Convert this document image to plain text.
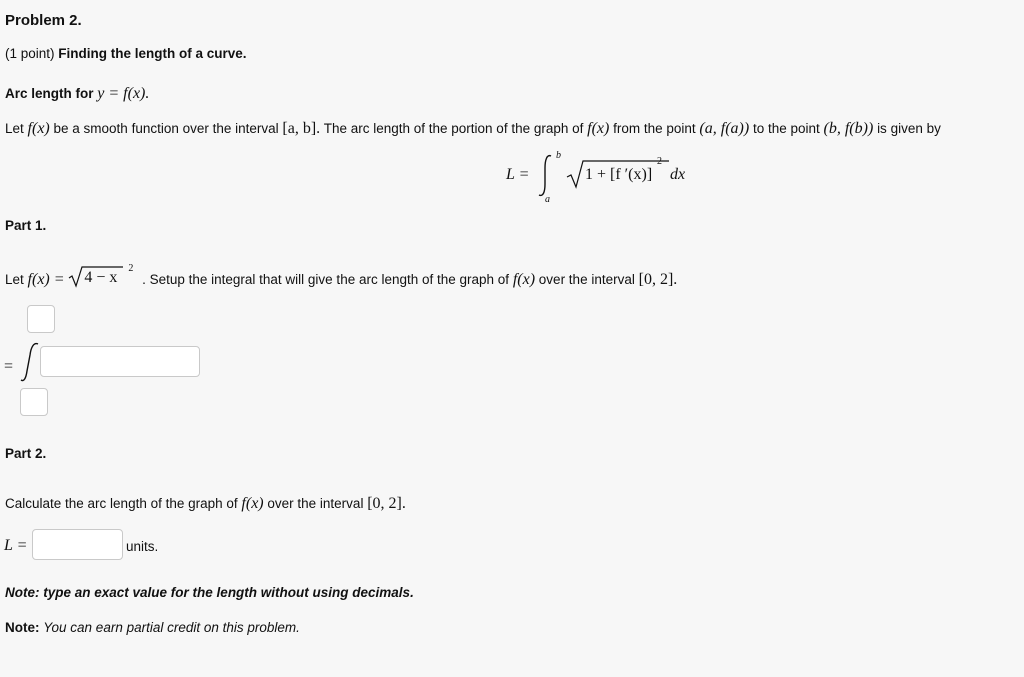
Problem 2.
(1 point) Finding the length of a curve.
Arc length for y = f(x).
Let f(x) be a smooth function over the interval [a, b]. The arc length of the portion of the graph of f(x) from the point (a, f(a)) to the point (b, f(b)) is given by
L =
b
a
1 + [f ′(x)]
2
dx
Part 1.
Let f(x) = 4 − x
2
. Setup the integral that will give the arc length of the graph of f(x) over the interval [0, 2].
=
Part 2.
Calculate the arc length of the graph of f(x) over the interval [0, 2].
L =	units.
Note: type an exact value for the length without using decimals.
Note: You can earn partial credit on this problem.
